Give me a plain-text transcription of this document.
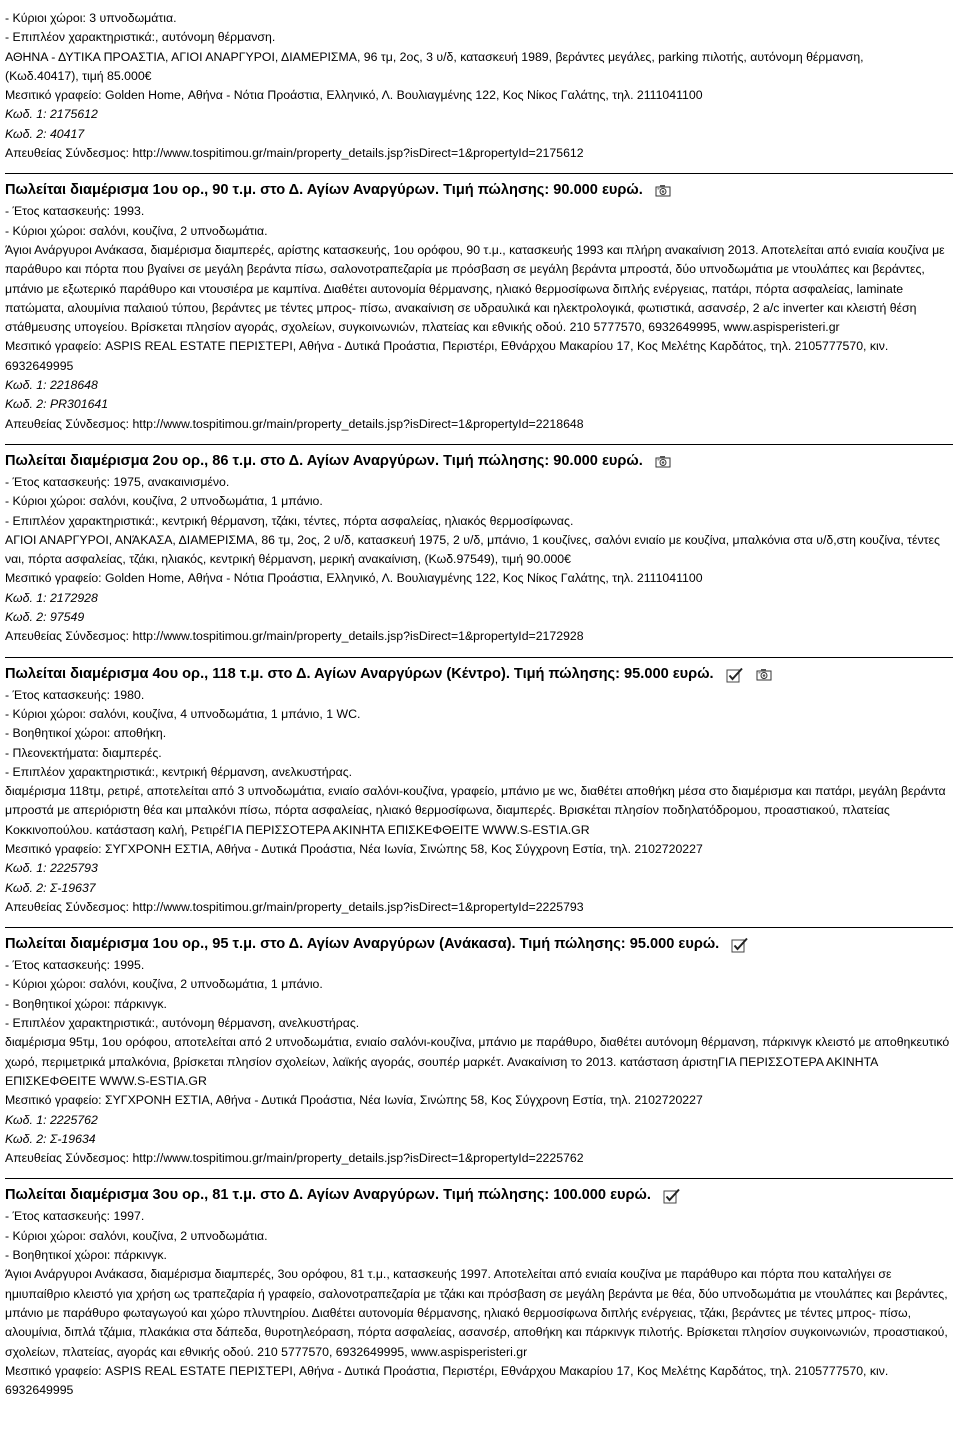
- Κύριοι χώροι: 3 υπνοδωμάτια.
- Επιπλέον χαρακτηριστικά:, αυτόνομη θέρμανση.
ΑΘΗΝΑ - ΔΥΤΙΚΑ ΠΡΟΑΣΤΙΑ, ΑΓΙΟΙ ΑΝΑΡΓΥΡΟΙ, ΔΙΑΜΕΡΙΣΜΑ, 96 τμ, 2ος, 3 υ/δ, κατασκευή 1989, βεράντες μεγάλες, parking πιλοτής, αυτόνομη θέρμανση,
(Κωδ.40417), τιμή 85.000€
Μεσιτικό γραφείο: Golden Home, Αθήνα - Νότια Προάστια, Ελληνικό, Λ. Βουλιαγμένης 122, Κος Νίκος Γαλάτης, τηλ. 2111041100
Κωδ. 1: 2175612
Κωδ. 2: 40417
Απευθείας Σύνδεσμος: http://www.tospitimou.gr/main/property_details.jsp?isDirect=1&propertyId=2175612
Πωλείται διαμέρισμα 1ου ορ., 90 τ.μ. στο Δ. Αγίων Αναργύρων. Τιμή πώλησης: 90.000 ευρώ.
- Έτος κατασκευής: 1993.
- Κύριοι χώροι: σαλόνι, κουζίνα, 2 υπνοδωμάτια.
Άγιοι Ανάργυροι Ανάκασα, διαμέρισμα διαμπερές, αρίστης κατασκευής, 1ου ορόφου, 90 τ.μ., κατασκευής 1993 και πλήρη ανακαίνιση 2013. Αποτελείται από ενιαία κουζίνα με παράθυρο και πόρτα που βγαίνει σε μεγάλη βεράντα πίσω, σαλονοτραπεζαρία με πρόσβαση σε μεγάλη βεράντα μπροστά, δύο υπνοδωμάτια με ντουλάπες και βεράντες, μπάνιο με εξωτερικό παράθυρο και ντουσιέρα με καμπίνα. Διαθέτει αυτονομία θέρμανσης, ηλιακό θερμοσίφωνα διπλής ενέργειας, πατάρι, πόρτα ασφαλείας, laminate πατώματα, αλουμίνια παλαιού τύπου, βεράντες με τέντες μπρος- πίσω, ανακαίνιση σε υδραυλικά και ηλεκτρολογικά, φωτιστικά, ασανσέρ, 2 a/c inverter και κλειστή θέση στάθμευσης υπογείου. Βρίσκεται πλησίον αγοράς, σχολείων, συγκοινωνιών, πλατείας και εθνικής οδού. 210 5777570, 6932649995, www.aspisperisteri.gr
Μεσιτικό γραφείο: ASPIS REAL ESTATE ΠΕΡΙΣΤΕΡΙ, Αθήνα - Δυτικά Προάστια, Περιστέρι, Εθνάρχου Μακαρίου 17, Κος Μελέτης Καρδάτος, τηλ. 2105777570, κιν. 6932649995
Κωδ. 1: 2218648
Κωδ. 2: PR301641
Απευθείας Σύνδεσμος: http://www.tospitimou.gr/main/property_details.jsp?isDirect=1&propertyId=2218648
Πωλείται διαμέρισμα 2ου ορ., 86 τ.μ. στο Δ. Αγίων Αναργύρων. Τιμή πώλησης: 90.000 ευρώ.
- Έτος κατασκευής: 1975, ανακαινισμένο.
- Κύριοι χώροι: σαλόνι, κουζίνα, 2 υπνοδωμάτια, 1 μπάνιο.
- Επιπλέον χαρακτηριστικά:, κεντρική θέρμανση, τζάκι, τέντες, πόρτα ασφαλείας, ηλιακός θερμοσίφωνας.
ΑΓΙΟΙ ΑΝΑΡΓΥΡΟΙ, ΑΝΆΚΑΣΑ, ΔΙΑΜΕΡΙΣΜΑ, 86 τμ, 2ος, 2 υ/δ, κατασκευή 1975, 2 υ/δ, μπάνιο, 1 κουζίνες, σαλόνι ενιαίο με κουζίνα, μπαλκόνια στα υ/δ,στη κουζίνα, τέντες ναι, πόρτα ασφαλείας, τζάκι, ηλιακός, κεντρική θέρμανση, μερική ανακαίνιση, (Κωδ.97549), τιμή 90.000€
Μεσιτικό γραφείο: Golden Home, Αθήνα - Νότια Προάστια, Ελληνικό, Λ. Βουλιαγμένης 122, Κος Νίκος Γαλάτης, τηλ. 2111041100
Κωδ. 1: 2172928
Κωδ. 2: 97549
Απευθείας Σύνδεσμος: http://www.tospitimou.gr/main/property_details.jsp?isDirect=1&propertyId=2172928
Πωλείται διαμέρισμα 4ου ορ., 118 τ.μ. στο Δ. Αγίων Αναργύρων (Κέντρο). Τιμή πώλησης: 95.000 ευρώ.
- Έτος κατασκευής: 1980.
- Κύριοι χώροι: σαλόνι, κουζίνα, 4 υπνοδωμάτια, 1 μπάνιο, 1 WC.
- Βοηθητικοί χώροι: αποθήκη.
- Πλεονεκτήματα: διαμπερές.
- Επιπλέον χαρακτηριστικά:, κεντρική θέρμανση, ανελκυστήρας.
διαμέρισμα 118τμ, ρετιρέ, αποτελείται από 3 υπνοδωμάτια, ενιαίο σαλόνι-κουζίνα, γραφείο, μπάνιο με wc, διαθέτει αποθήκη μέσα στο διαμέρισμα και πατάρι, μεγάλη βεράντα μπροστά με απεριόριστη θέα και μπαλκόνι πίσω, πόρτα ασφαλείας, ηλιακό θερμοσίφωνα, διαμπερές. Βρισκέται πλησίον ποδηλατόδρομου, προαστιακού, πλατείας Κοκκινοπούλου. κατάσταση καλή, ΡετιρέΓΙΑ ΠΕΡΙΣΣΟΤΕΡΑ ΑΚΙΝΗΤΑ ΕΠΙΣΚΕΦΘΕΙΤΕ WWW.S-ESTIA.GR
Μεσιτικό γραφείο: ΣΥΓΧΡΟΝΗ ΕΣΤΙΑ, Αθήνα - Δυτικά Προάστια, Νέα Ιωνία, Σινώπης 58, Κος Σύγχρονη Εστία, τηλ. 2102720227
Κωδ. 1: 2225793
Κωδ. 2: Σ-19637
Απευθείας Σύνδεσμος: http://www.tospitimou.gr/main/property_details.jsp?isDirect=1&propertyId=2225793
Πωλείται διαμέρισμα 1ου ορ., 95 τ.μ. στο Δ. Αγίων Αναργύρων (Ανάκασα). Τιμή πώλησης: 95.000 ευρώ.
- Έτος κατασκευής: 1995.
- Κύριοι χώροι: σαλόνι, κουζίνα, 2 υπνοδωμάτια, 1 μπάνιο.
- Βοηθητικοί χώροι: πάρκινγκ.
- Επιπλέον χαρακτηριστικά:, αυτόνομη θέρμανση, ανελκυστήρας.
διαμέρισμα 95τμ, 1ου ορόφου, αποτελείται από 2 υπνοδωμάτια, ενιαίο σαλόνι-κουζίνα, μπάνιο με παράθυρο, διαθέτει αυτόνομη θέρμανση, πάρκινγκ κλειστό με αποθηκευτικό χωρό, περιμετρικά μπαλκόνια, βρίσκεται πλησίον σχολείων, λαϊκής αγοράς, σουπέρ μαρκέτ. Ανακαίνιση το 2013. κατάσταση άριστηΓΙΑ ΠΕΡΙΣΣΟΤΕΡΑ ΑΚΙΝΗΤΑ ΕΠΙΣΚΕΦΘΕΙΤΕ WWW.S-ESTIA.GR
Μεσιτικό γραφείο: ΣΥΓΧΡΟΝΗ ΕΣΤΙΑ, Αθήνα - Δυτικά Προάστια, Νέα Ιωνία, Σινώπης 58, Κος Σύγχρονη Εστία, τηλ. 2102720227
Κωδ. 1: 2225762
Κωδ. 2: Σ-19634
Απευθείας Σύνδεσμος: http://www.tospitimou.gr/main/property_details.jsp?isDirect=1&propertyId=2225762
Πωλείται διαμέρισμα 3ου ορ., 81 τ.μ. στο Δ. Αγίων Αναργύρων. Τιμή πώλησης: 100.000 ευρώ.
- Έτος κατασκευής: 1997.
- Κύριοι χώροι: σαλόνι, κουζίνα, 2 υπνοδωμάτια.
- Βοηθητικοί χώροι: πάρκινγκ.
Άγιοι Ανάργυροι Ανάκασα, διαμέρισμα διαμπερές, 3ου ορόφου, 81 τ.μ., κατασκευής 1997. Αποτελείται από ενιαία κουζίνα με παράθυρο και πόρτα που καταλήγει σε ημιυπαίθριο κλειστό για χρήση ως τραπεζαρία ή γραφείο, σαλονοτραπεζαρία με τζάκι και πρόσβαση σε μεγάλη βεράντα με θέα, δύο υπνοδωμάτια με ντουλάπες και βεράντες, μπάνιο με παράθυρο φωταγωγού και χώρο πλυντηρίου. Διαθέτει αυτονομία θέρμανσης, ηλιακό θερμοσίφωνα διπλής ενέργειας, τζάκι, βεράντες με τέντες μπρος- πίσω, αλουμίνια, διπλά τζάμια, πλακάκια στα δάπεδα, θυροτηλεόραση, πόρτα ασφαλείας, ασανσέρ, αποθήκη και πάρκινγκ πιλοτής. Βρίσκεται πλησίον συγκοινωνιών, προαστιακού, σχολείων, πλατείας, αγοράς και εθνικής οδού. 210 5777570, 6932649995, www.aspisperisteri.gr
Μεσιτικό γραφείο: ASPIS REAL ESTATE ΠΕΡΙΣΤΕΡΙ, Αθήνα - Δυτικά Προάστια, Περιστέρι, Εθνάρχου Μακαρίου 17, Κος Μελέτης Καρδάτος, τηλ. 2105777570, κιν. 6932649995
